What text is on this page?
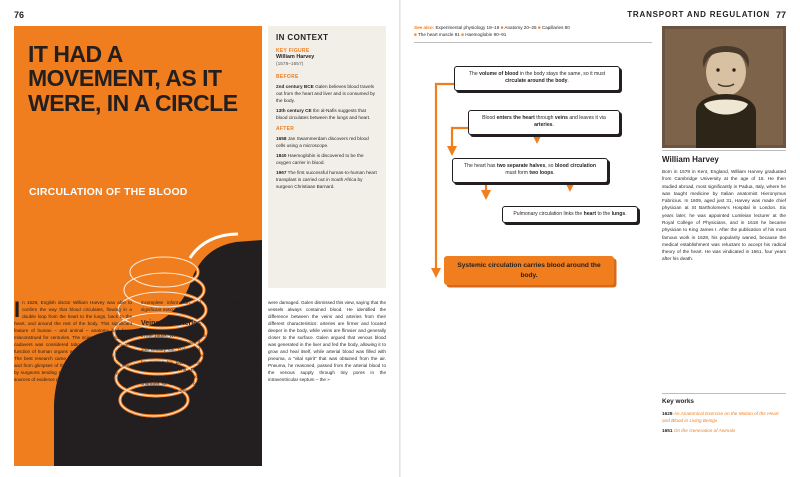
76
IT HAD A MOVEMENT, AS IT WERE, IN A CIRCLE
CIRCULATION OF THE BLOOD
In 1628, English doctor William Harvey was able to confirm the way that blood circulates, flowing in a double loop from the heart to the lungs, back to the heart, and around the rest of the body. This significant feature of human – and animal – anatomy had been misconstrued for centuries. The scientific examination of cadavers was considered taboo, and so the form and function of human organs were something of a mystery. The best research came from the dissection of animals and from glimpses of the interior of the living body seen by surgeons tending to critical wounds. Inevitably, these sources of evidence provided
incomplete information and, in some cases, led to significant misconceptions.
Veins and arteries
In the 1600s, Western medicine was still largely based on the work of Galen, a Greek doctor working in Rome in the 2nd century CE. Galen had been a gladiators’ surgeon and was able to observe internal human anatomy when he treated his patients for serious injuries they had received in the arena.  Early medical thought in ancient Egypt considered the network of vessels in the body to be channels for air; it was believed that blood filled these vessels only when they
were damaged. Galen dismissed this view, saying that the vessels always contained blood. He identified the difference between the veins and arteries from their different characteristics: arteries are firmer and located deeper in the body, while veins are flimsier and generally closer to the surface. Galen argued that venous blood was generated in the liver and fed the body, allowing it to grow and heal itself, while arterial blood was filled with pneuma, a “vital spirit” that was obtained from the air. Pneuma, he reasoned, passed from the arterial blood to the venous supply through tiny pores in the intraventricular septum – the »
IN CONTEXT
KEY FIGURE
William Harvey
(1578–1657)
BEFORE
2nd century BCE Galen believes blood travels out from the heart and liver and is consumed by the body.
13th century CE Ibn al-Nafis suggests that blood circulates between the lungs and heart.
AFTER
1658 Jan Swammerdam discovers red blood cells using a microscope.
1840 Haemoglobin is discovered to be the oxygen carrier in blood.
1967 The first successful human-to-human heart transplant is carried out in South Africa by surgeon Christiaan Barnard.
77
TRANSPORT AND REGULATION
See also: Experimental physiology 18–19 ■ Anatomy 20–25 ■ Capillaries 80
■ The heart muscle 81 ■ Haemoglobin 90–91
The volume of blood in the body stays the same, so it must circulate around the body.
Blood enters the heart through veins and leaves it via arteries.
The heart has two separate halves, so blood circulation must form two loops.
Pulmonary circulation links the heart to the lungs.
Systemic circulation carries blood around the body.
William Harvey
Born in 1578 in Kent, England, William Harvey graduated from Cambridge University at the age of 15. He then studied abroad, most significantly in Padua, Italy, where he was taught medicine by Italian anatomist Hieronymus Fabricius. In 1609, aged just 31, Harvey was made chief physician at St Bartholomew’s Hospital in London. Six years later, he was appointed Lumleian lecturer at the Royal College of Physicians, and in 1618 he became physician to King James I. After the publication of his most famous work in 1628, his popularity waned, because the medical establishment was reluctant to accept his radical theory of the heart. He was vindicated in 1661, four years after his death.
Key works
1628 An Anatomical Exercise on the Motion of the Heart and Blood in Living Beings
1651 On the Generation of Animals
